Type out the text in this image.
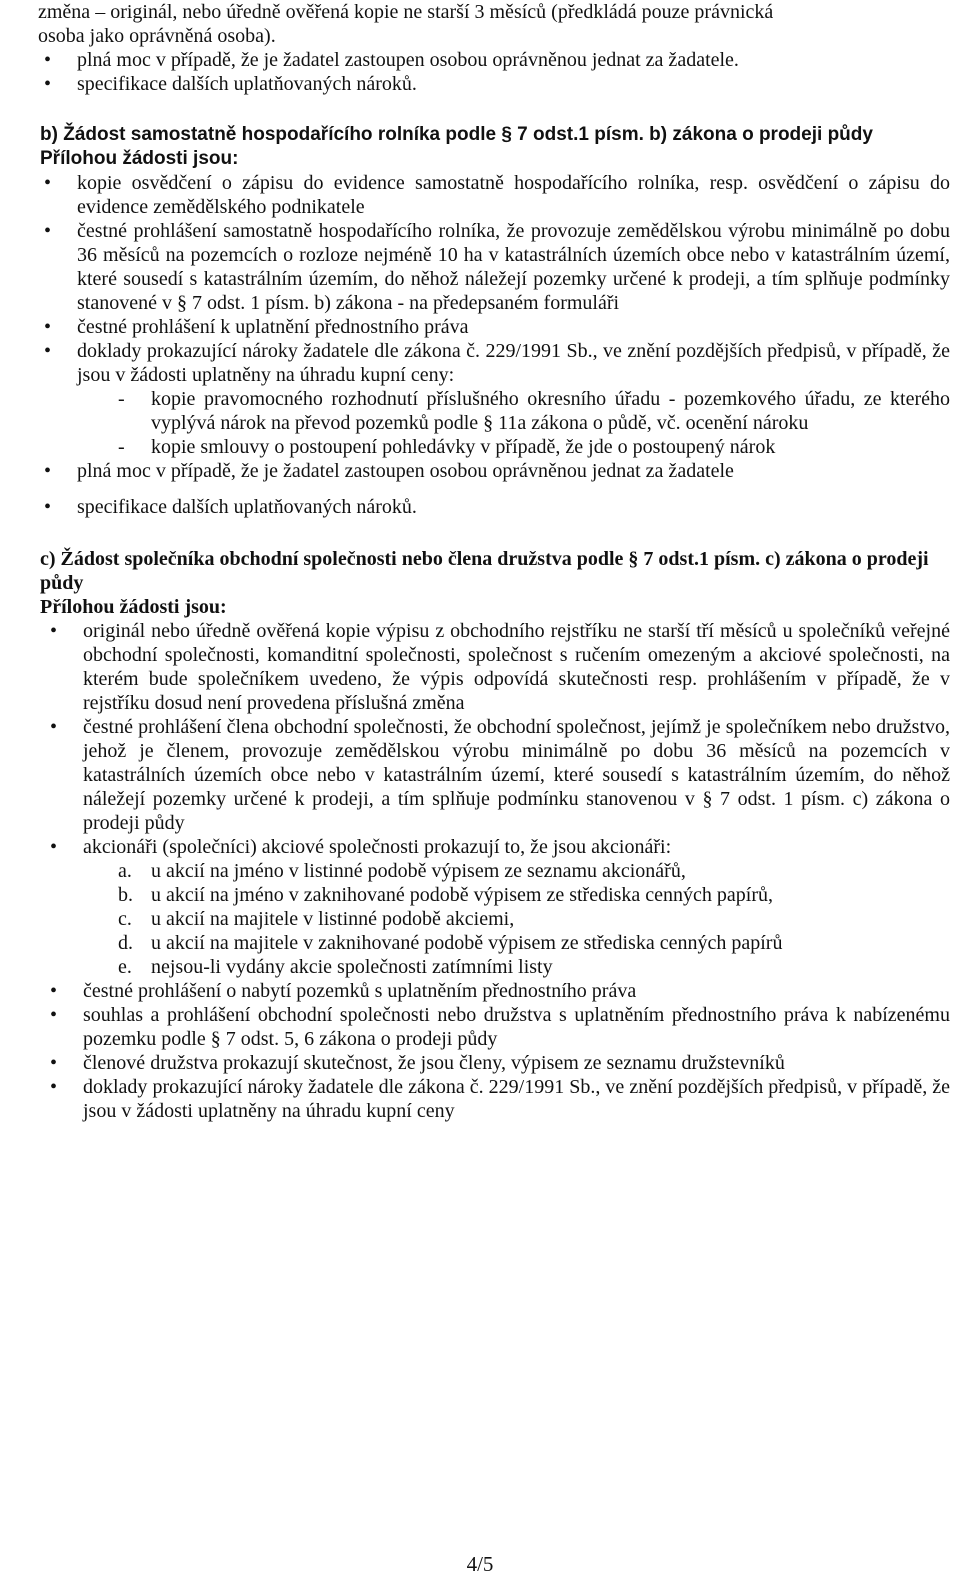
změna – originál, nebo úředně ověřená kopie ne starší 3 měsíců (předkládá pouze právnická

osoba jako oprávněná osoba).

• plná moc v případě, že je žadatel zastoupen osobou oprávněnou jednat za žadatele.
• specifikace dalších uplatňovaných nároků.

b) Žádost samostatně hospodařícího rolníka podle § 7 odst.1 písm. b) zákona o prodeji půdy

Přílohou žádosti jsou:

• kopie osvědčení o zápisu do evidence samostatně hospodařícího rolníka, resp. osvědčení o zápisu do evidence zemědělského podnikatele
• čestné prohlášení samostatně hospodařícího rolníka, že provozuje zemědělskou výrobu minimálně po dobu 36 měsíců na pozemcích o rozloze nejméně 10 ha v katastrálních územích obce nebo v katastrálním území, které sousedí s katastrálním územím, do něhož náležejí pozemky určené k prodeji, a tím splňuje podmínky stanovené v § 7 odst. 1 písm. b) zákona - na předepsaném formuláři
• čestné prohlášení k uplatnění přednostního práva
•	doklady prokazující nároky žadatele dle zákona č. 229/1991 Sb., ve znění pozdějších předpisů, v případě, že jsou v žádosti uplatněny na úhradu kupní ceny:
- kopie pravomocného rozhodnutí příslušného okresního úřadu - pozemkového úřadu, ze kterého vyplývá nárok na převod pozemků podle § 11a zákona o půdě, vč. ocenění nároku
- kopie smlouvy o postoupení pohledávky v případě, že jde o postoupený nárok
• plná moc v případě, že je žadatel zastoupen osobou oprávněnou jednat za žadatele
• specifikace dalších uplatňovaných nároků.

c) Žádost společníka obchodní společnosti nebo člena družstva podle § 7 odst.1 písm. c) zákona o prodeji půdy

Přílohou žádosti jsou:

• originál nebo úředně ověřená kopie výpisu z obchodního rejstříku ne starší tří měsíců u společníků veřejné obchodní společnosti, komanditní společnosti, společnost s ručením omezeným a akciové společnosti, na kterém bude společníkem uvedeno, že výpis odpovídá skutečnosti resp. prohlášením v případě, že v rejstříku dosud není provedena příslušná změna
• čestné prohlášení člena obchodní společnosti, že obchodní společnost, jejímž je společníkem nebo družstvo, jehož je členem, provozuje zemědělskou výrobu minimálně po dobu 36 měsíců na pozemcích v katastrálních územích obce nebo v katastrálním území, které sousedí s katastrálním územím, do něhož náležejí pozemky určené k prodeji, a tím splňuje podmínku stanovenou v § 7 odst. 1 písm. c) zákona o prodeji půdy
• akcionáři (společníci) akciové společnosti prokazují to, že jsou akcionáři:
a. u akcií na jméno v listinné podobě výpisem ze seznamu akcionářů,
b. u akcií na jméno v zaknihované podobě výpisem ze střediska cenných papírů,
c. u akcií na majitele v listinné podobě akciemi,
d. u akcií na majitele v zaknihované podobě výpisem ze střediska cenných papírů
e. nejsou-li vydány akcie společnosti zatímními listy
• čestné prohlášení o nabytí pozemků s uplatněním přednostního práva
• souhlas a prohlášení obchodní společnosti nebo družstva s uplatněním přednostního práva k nabízenému pozemku podle § 7 odst. 5, 6 zákona o prodeji půdy
• členové družstva prokazují skutečnost, že jsou členy, výpisem ze seznamu družstevníků
• doklady prokazující nároky žadatele dle zákona č. 229/1991 Sb., ve znění pozdějších předpisů, v případě, že jsou v žádosti uplatněny na úhradu kupní ceny
4/5
